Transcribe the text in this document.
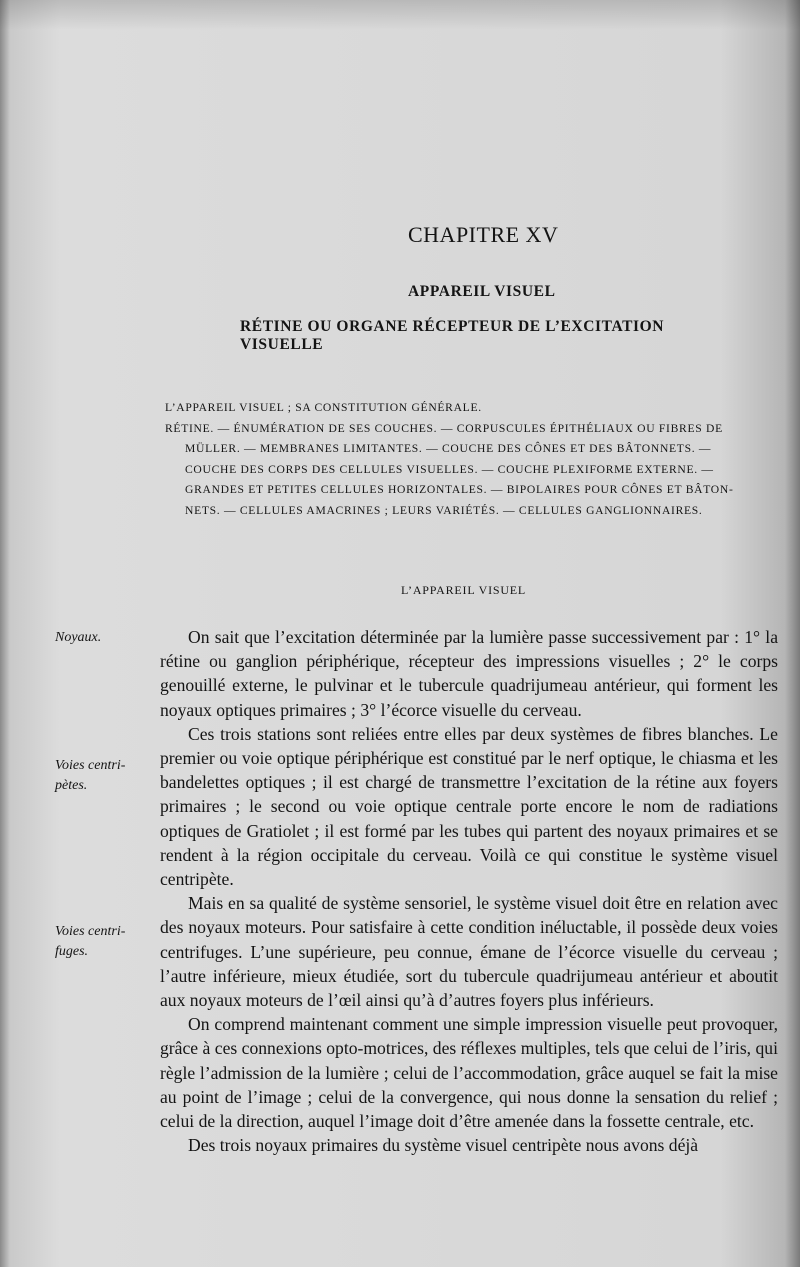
CHAPITRE XV
APPAREIL VISUEL
RÉTINE OU ORGANE RÉCEPTEUR DE L’EXCITATION VISUELLE
L’APPAREIL VISUEL ; SA CONSTITUTION GÉNÉRALE.
RÉTINE. — ÉNUMÉRATION DE SES COUCHES. — CORPUSCULES ÉPITHÉLIAUX OU FIBRES DE
MÜLLER. — MEMBRANES LIMITANTES. — COUCHE DES CÔNES ET DES BÂTONNETS. —
COUCHE DES CORPS DES CELLULES VISUELLES. — COUCHE PLEXIFORME EXTERNE. —
GRANDES ET PETITES CELLULES HORIZONTALES. — BIPOLAIRES POUR CÔNES ET BÂTON-
NETS. — CELLULES AMACRINES ; LEURS VARIÉTÉS. — CELLULES GANGLIONNAIRES.
L’APPAREIL VISUEL
Noyaux.
Voies centri-
pètes.
Voies centri-
fuges.

On sait que l’excitation déterminée par la lumière passe successivement par : 1° la rétine ou ganglion périphérique, récepteur des impressions visuelles ; 2° le corps genouillé externe, le pulvinar et le tubercule quadrijumeau antérieur, qui forment les noyaux optiques primaires ; 3° l’écorce visuelle du cerveau.

Ces trois stations sont reliées entre elles par deux systèmes de fibres blanches. Le premier ou voie optique périphérique est constitué par le nerf optique, le chiasma et les bandelettes optiques ; il est chargé de transmettre l’excitation de la rétine aux foyers primaires ; le second ou voie optique centrale porte encore le nom de radiations optiques de Gratiolet ; il est formé par les tubes qui partent des noyaux primaires et se rendent à la région occipitale du cerveau. Voilà ce qui constitue le système visuel centripète.

Mais en sa qualité de système sensoriel, le système visuel doit être en relation avec des noyaux moteurs. Pour satisfaire à cette condition inéluctable, il possède deux voies centrifuges. L’une supérieure, peu connue, émane de l’écorce visuelle du cerveau ; l’autre inférieure, mieux étudiée, sort du tubercule quadrijumeau antérieur et aboutit aux noyaux moteurs de l’œil ainsi qu’à d’autres foyers plus inférieurs.

On comprend maintenant comment une simple impression visuelle peut provoquer, grâce à ces connexions opto-motrices, des réflexes multiples, tels que celui de l’iris, qui règle l’admission de la lumière ; celui de l’accommodation, grâce auquel se fait la mise au point de l’image ; celui de la convergence, qui nous donne la sensation du relief ; celui de la direction, auquel l’image doit d’être amenée dans la fossette centrale, etc.

Des trois noyaux primaires du système visuel centripète nous avons déjà
